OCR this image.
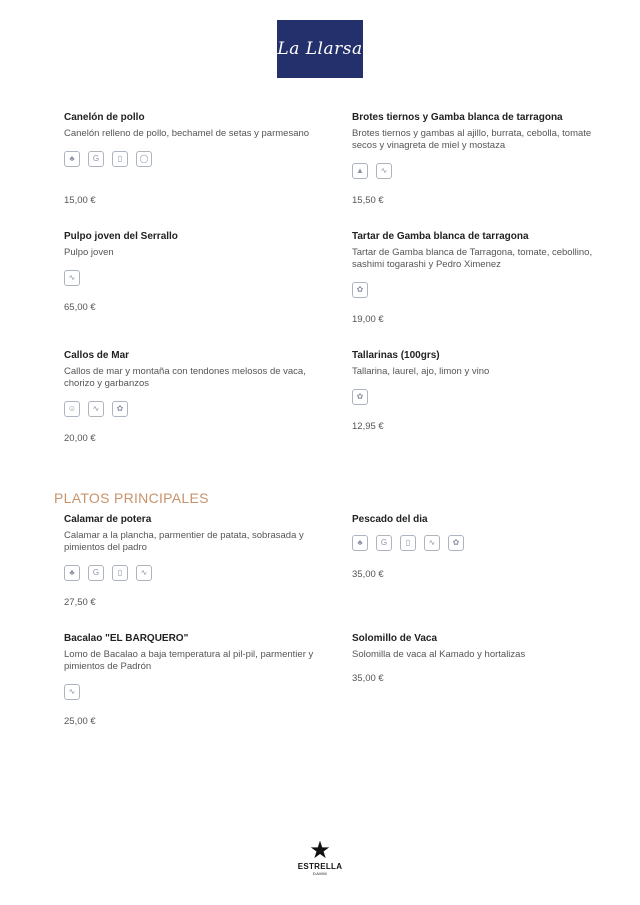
La Llarsa

Canelón de pollo

Canelón relleno de pollo, bechamel de setas y parmesano
♣	G	▯	◯
15,00 €

Brotes tiernos y Gamba blanca de tarragona

Brotes tiernos y gambas al ajillo, burrata, cebolla, tomate secos y vinagreta de miel y mostaza
▲	∿
15,50 €

Pulpo joven del Serrallo

Pulpo joven
∿
65,00 €

Tartar de Gamba blanca de tarragona

Tartar de Gamba blanca de Tarragona, tomate, cebollino, sashimi togarashi y Pedro Ximenez
✿
19,00 €

Callos de Mar

Callos de mar y montaña con tendones melosos de vaca, chorizo y garbanzos
☺	∿	✿
20,00 €

Tallarinas (100grs)

Tallarina, laurel, ajo, limon y vino
✿
12,95 €
PLATOS PRINCIPALES

Calamar de potera

Calamar a la plancha, parmentier de patata, sobrasada y pimientos del padro
♣	G	▯	∿
27,50 €

Pescado del dia

♣	G	▯	∿	✿
35,00 €

Bacalao "EL BARQUERO"

Lomo de Bacalao a baja temperatura al pil-pil, parmentier y pimientos de Padrón
∿
25,00 €

Solomillo de Vaca

Solomilla de vaca al Kamado y hortalizas
35,00 €
★
ESTRELLA
DAMM
